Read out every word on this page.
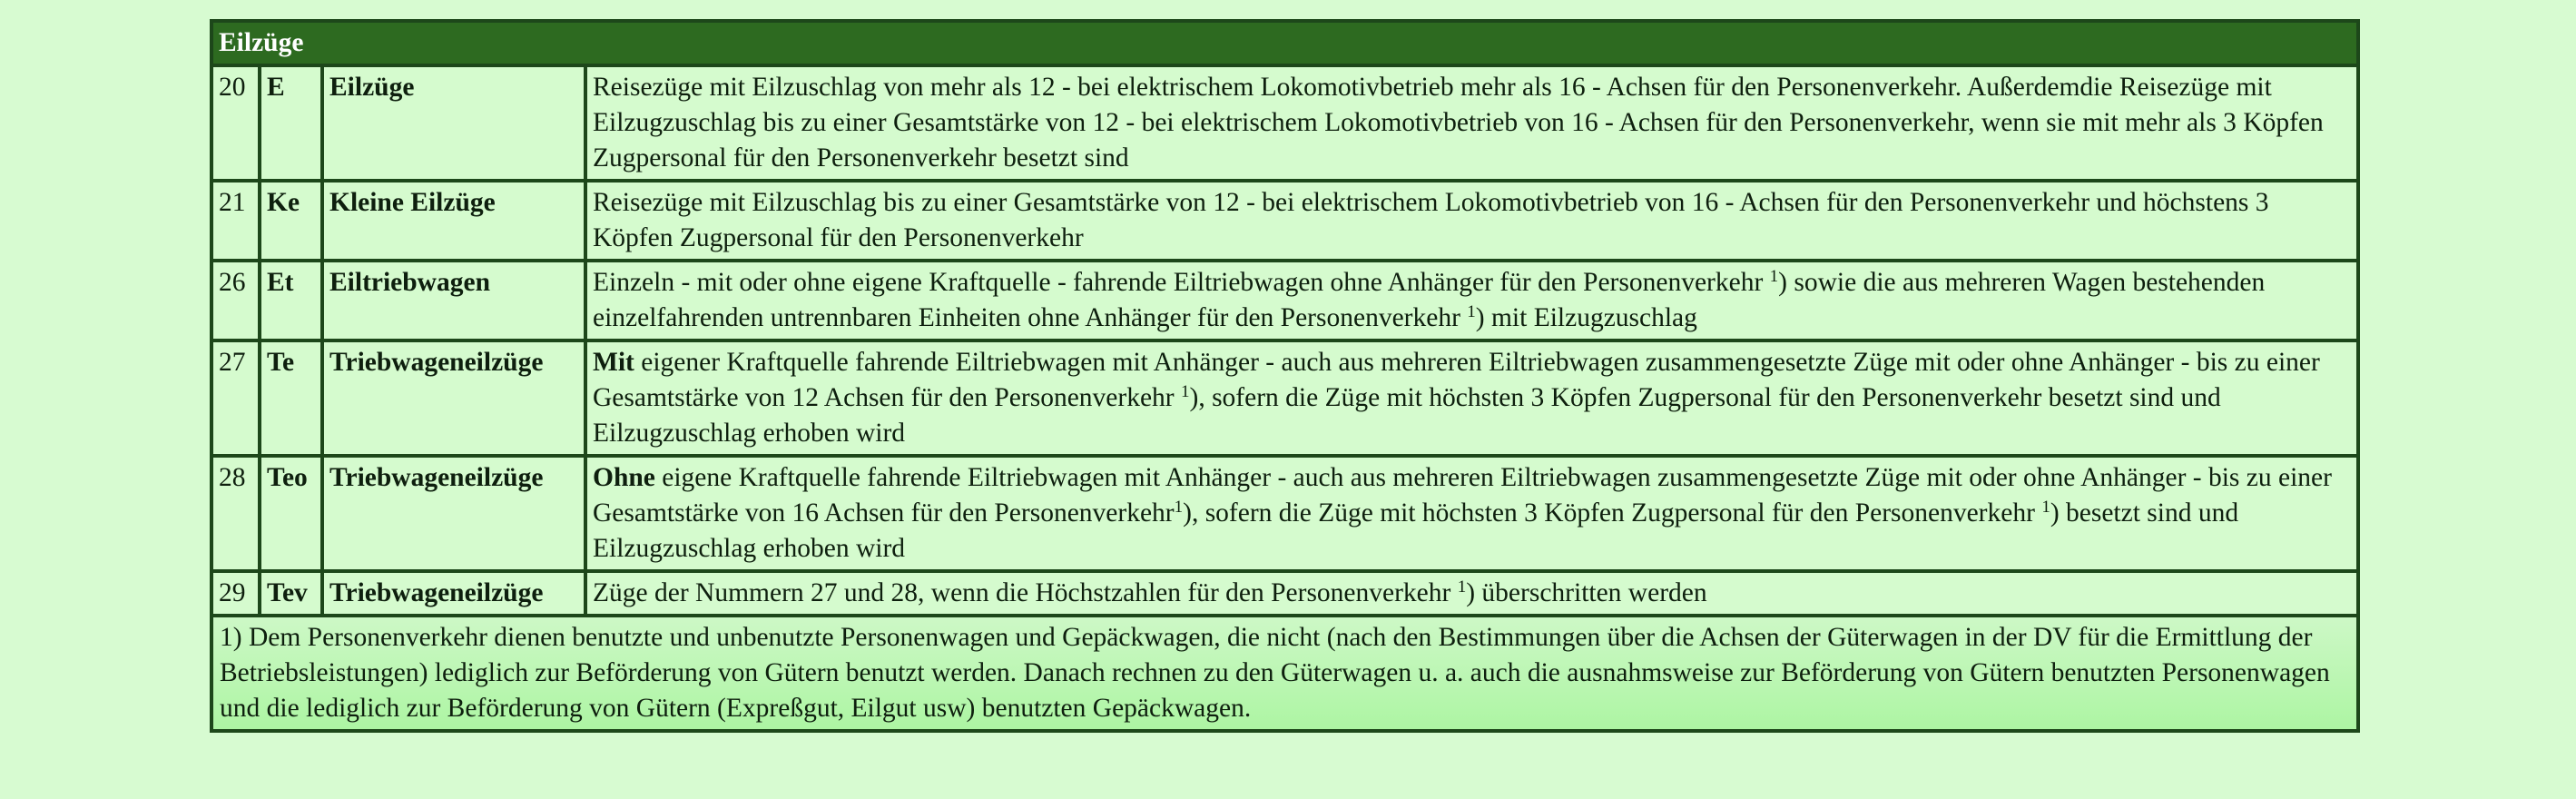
Eilzüge			
20	E	Eilzüge	Reisezüge mit Eilzuschlag von mehr als 12 - bei elektrischem Lokomotivbetrieb mehr als 16 - Achsen für den Personenverkehr. Außerdemdie Reisezüge mit Eilzugzuschlag bis zu einer Gesamtstärke von 12 - bei elektrischem Lokomotivbetrieb von 16 - Achsen für den Personenverkehr, wenn sie mit mehr als 3 Köpfen Zugpersonal für den Personenverkehr besetzt sind
21	Ke	Kleine Eilzüge	Reisezüge mit Eilzuschlag bis zu einer Gesamtstärke von 12 - bei elektrischem Lokomotivbetrieb von 16 - Achsen für den Personenverkehr und höchstens 3 Köpfen Zugpersonal für den Personenverkehr
26	Et	Eiltriebwagen	Einzeln - mit oder ohne eigene Kraftquelle - fahrende Eiltriebwagen ohne Anhänger für den Personenverkehr $^1$) sowie die aus mehreren Wagen bestehenden einzelfahrenden untrennbaren Einheiten ohne Anhänger für den Personenverkehr $^1$) mit Eilzugzuschlag
27	Te	Triebwageneilzüge	Mit eigener Kraftquelle fahrende Eiltriebwagen mit Anhänger - auch aus mehreren Eiltriebwagen zusammengesetzte Züge mit oder ohne Anhänger - bis zu einer Gesamtstärke von 12 Achsen für den Personenverkehr $^1$), sofern die Züge mit höchsten 3 Köpfen Zugpersonal für den Personenverkehr besetzt sind und Eilzugzuschlag erhoben wird
28	Teo	Triebwageneilzüge	Ohne eigene Kraftquelle fahrende Eiltriebwagen mit Anhänger - auch aus mehreren Eiltriebwagen zusammengesetzte Züge mit oder ohne Anhänger - bis zu einer Gesamtstärke von 16 Achsen für den Personenverkehr$^1$), sofern die Züge mit höchsten 3 Köpfen Zugpersonal für den Personenverkehr $^1$) besetzt sind und Eilzugzuschlag erhoben wird
29	Tev	Triebwageneilzüge	Züge der Nummern 27 und 28, wenn die Höchstzahlen für den Personenverkehr $^1$) überschritten werden
1) Dem Personenverkehr dienen benutzte und unbenutzte Personenwagen und Gepäckwagen, die nicht (nach den Bestimmungen über die Achsen der Güterwagen in der DV für die Ermittlung der Betriebsleistungen) lediglich zur Beförderung von Gütern benutzt werden. Danach rechnen zu den Güterwagen u. a. auch die ausnahmsweise zur Beförderung von Gütern benutzten Personenwagen und die lediglich zur Beförderung von Gütern (Expreßgut, Eilgut usw) benutzten Gepäckwagen.			
